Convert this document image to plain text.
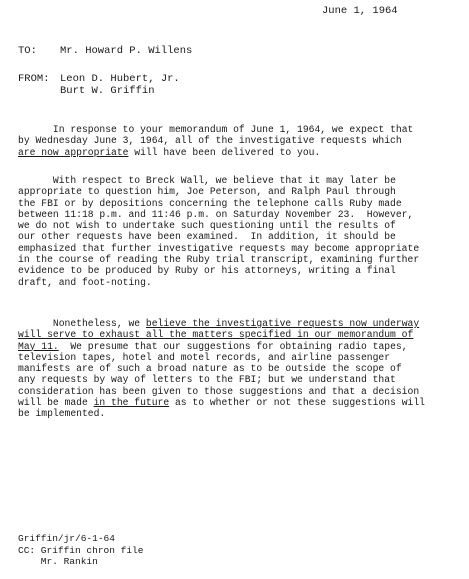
June 1, 1964
TO: Mr. Howard P. Willens
FROM: Leon D. Hubert, Jr.
Burt W. Griffin
In response to your memorandum of June 1, 1964, we expect that
by Wednesday June 3, 1964, all of the investigative requests which
are now appropriate will have been delivered to you.
With respect to Breck Wall, we believe that it may later be
appropriate to question him, Joe Peterson, and Ralph Paul through
the FBI or by depositions concerning the telephone calls Ruby made
between 11:18 p.m. and 11:46 p.m. on Saturday November 23.  However,
we do not wish to undertake such questioning until the results of
our other requests have been examined.  In addition, it should be
emphasized that further investigative requests may become appropriate
in the course of reading the Ruby trial transcript, examining further
evidence to be produced by Ruby or his attorneys, writing a final
draft, and foot-noting.
Nonetheless, we believe the investigative requests now underway
will serve to exhaust all the matters specified in our memorandum of
May 11.  We presume that our suggestions for obtaining radio tapes,
television tapes, hotel and motel records, and airline passenger
manifests are of such a broad nature as to be outside the scope of
any requests by way of letters to the FBI; but we understand that
consideration has been given to those suggestions and that a decision
will be made in the future as to whether or not these suggestions will
be implemented.
Griffin/jr/6-1-64
CC: Griffin chron file
Mr. Rankin
